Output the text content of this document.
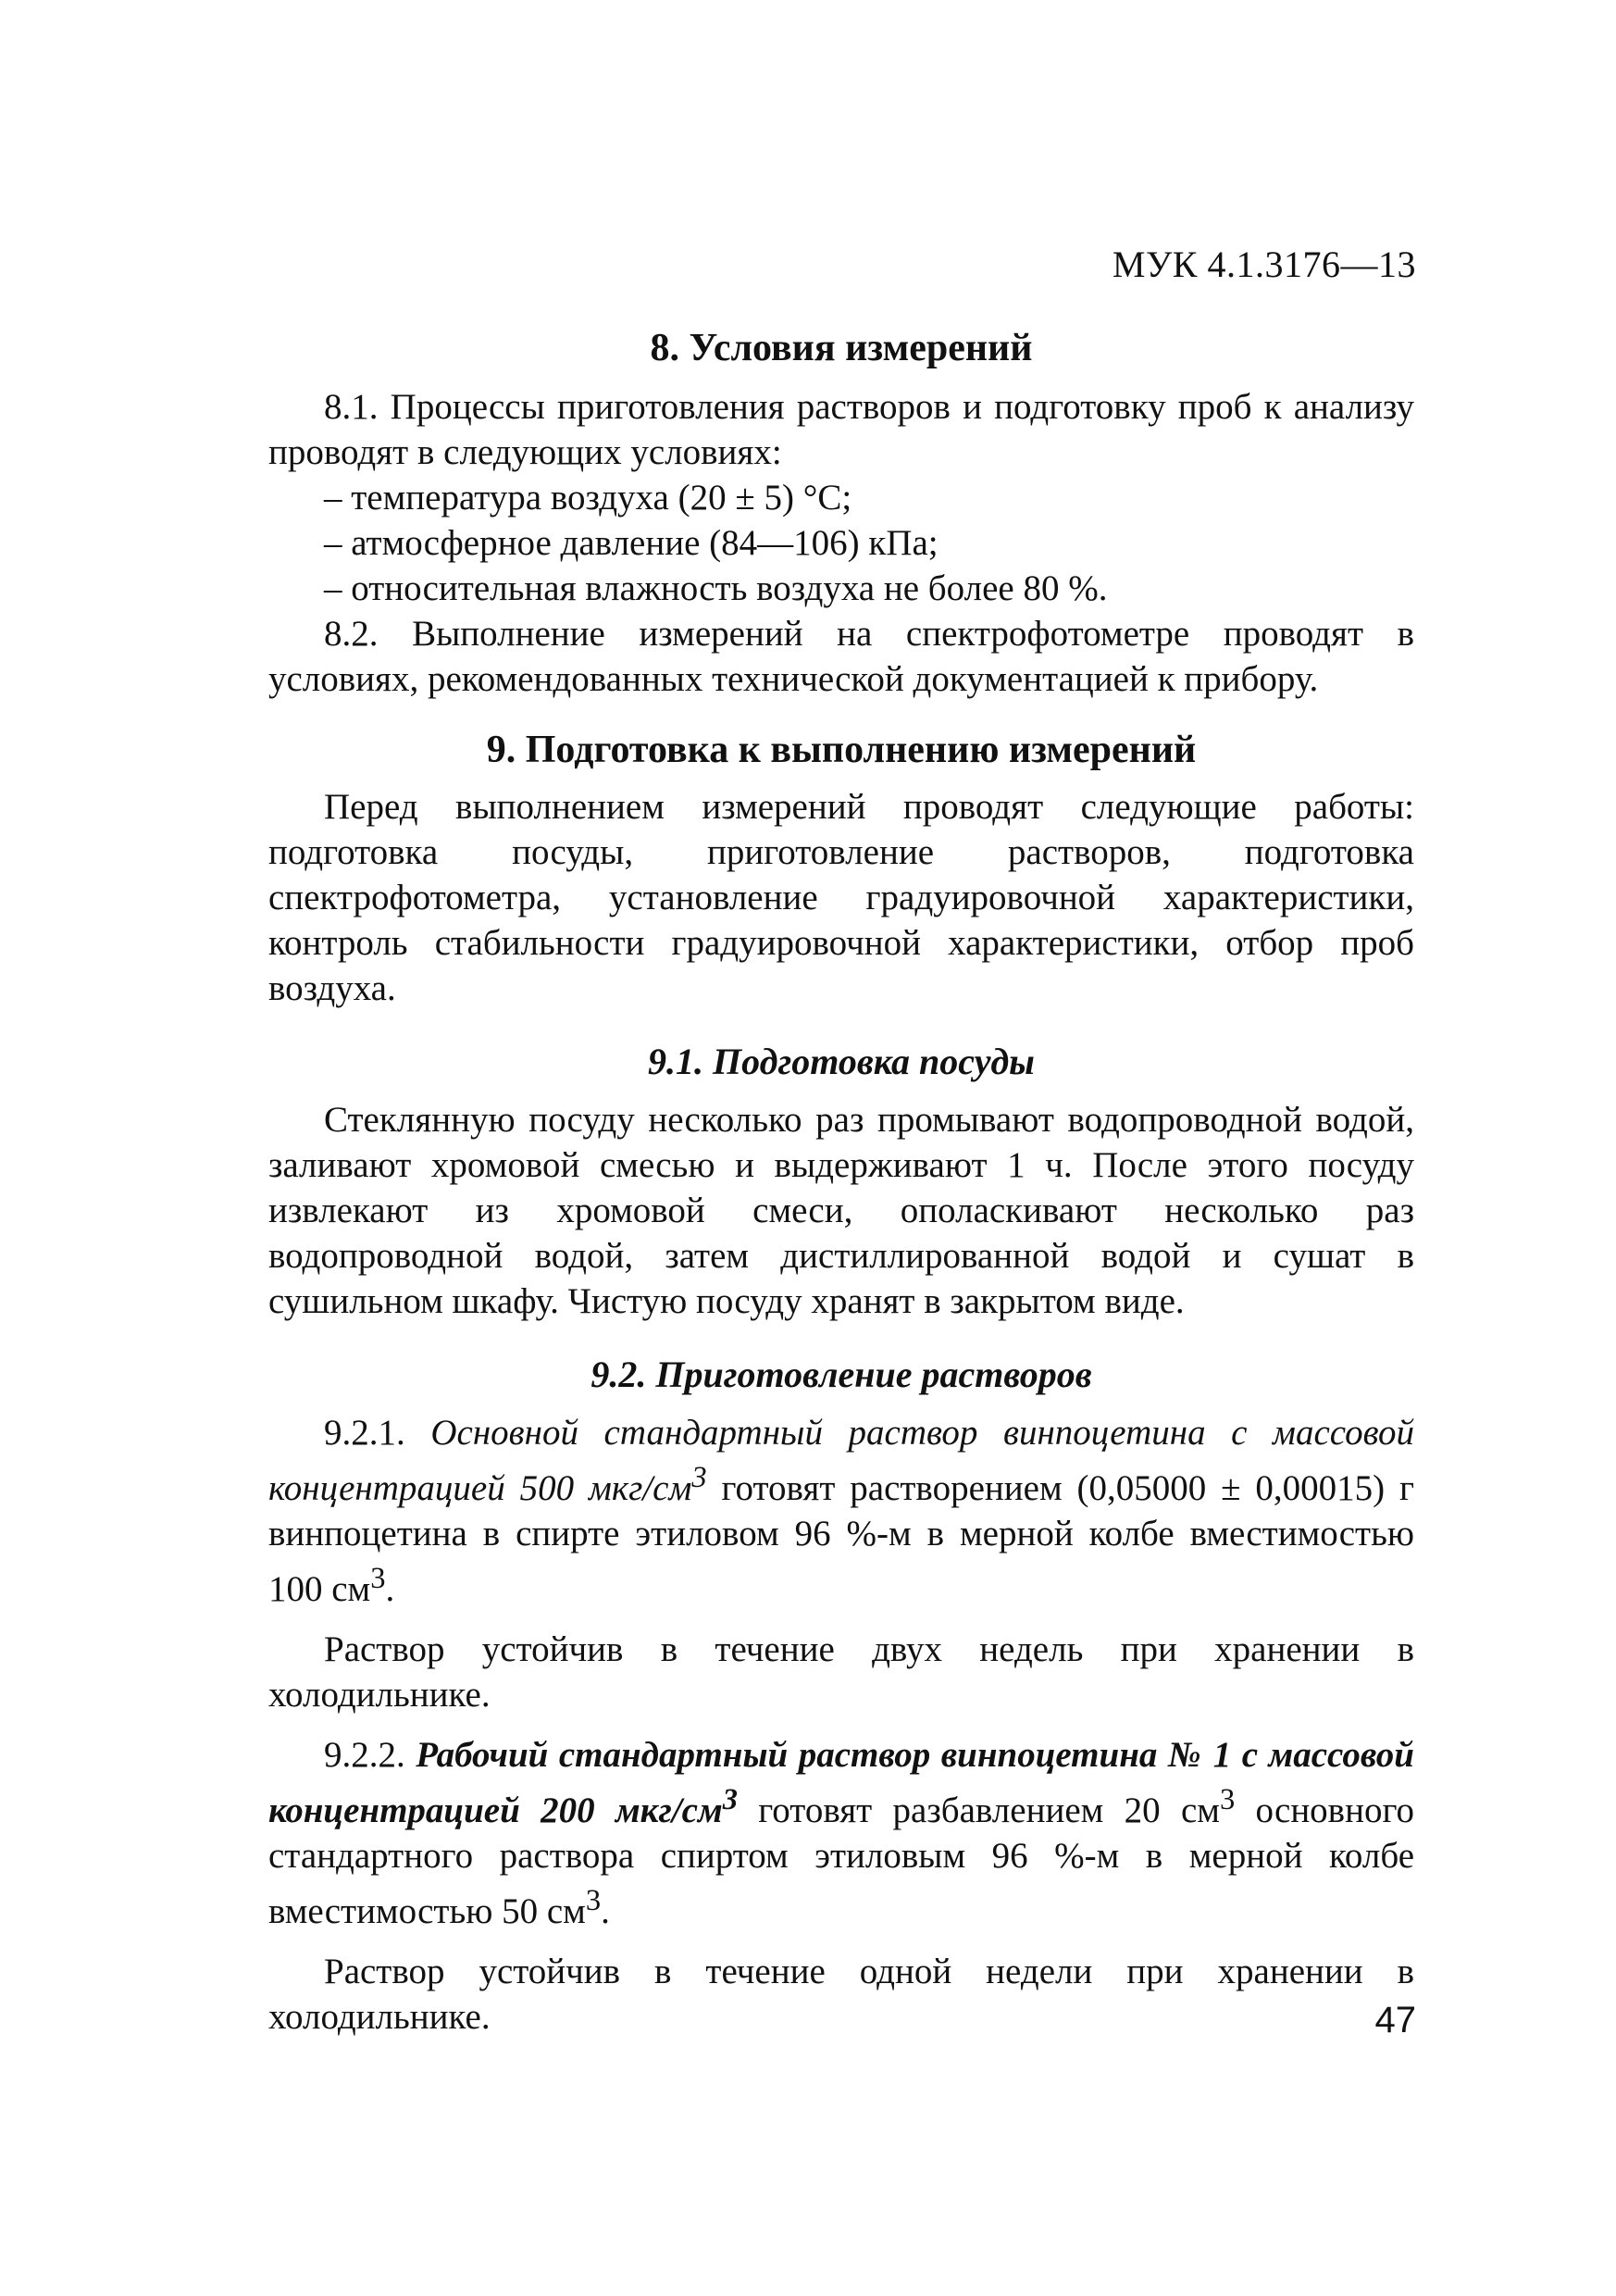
МУК 4.1.3176—13
8. Условия измерений

8.1. Процессы приготовления растворов и подготовку проб к анализу проводят в следующих условиях:

– температура воздуха (20 ± 5) °С;

– атмосферное давление (84—106) кПа;

– относительная влажность воздуха не более 80 %.

8.2. Выполнение измерений на спектрофотометре проводят в условиях, рекомендованных технической документацией к прибору.

9. Подготовка к выполнению измерений

Перед выполнением измерений проводят следующие работы: подготовка посуды, приготовление растворов, подготовка спектрофотометра, установление градуировочной характеристики, контроль стабильности градуировочной характеристики, отбор проб воздуха.

9.1. Подготовка посуды

Стеклянную посуду несколько раз промывают водопроводной водой, заливают хромовой смесью и выдерживают 1 ч. После этого посуду извлекают из хромовой смеси, ополаскивают несколько раз водопроводной водой, затем дистиллированной водой и сушат в сушильном шкафу. Чистую посуду хранят в закрытом виде.

9.2. Приготовление растворов

9.2.1. Основной стандартный раствор винпоцетина с массовой концентрацией 500 мкг/$см^3$ готовят растворением (0,05000 ± 0,00015) г винпоцетина в спирте этиловом 96 %-м в мерной колбе вместимостью 100 $см^3$.

Раствор устойчив в течение двух недель при хранении в холодильнике.

9.2.2. Рабочий стандартный раствор винпоцетина № 1 с массовой концентрацией 200 мкг/$см^3$ готовят разбавлением 20 $см^3$ основного стандартного раствора спиртом этиловым 96 %-м в мерной колбе вместимостью 50 $см^3$.

Раствор устойчив в течение одной недели при хранении в холодильнике.	47
